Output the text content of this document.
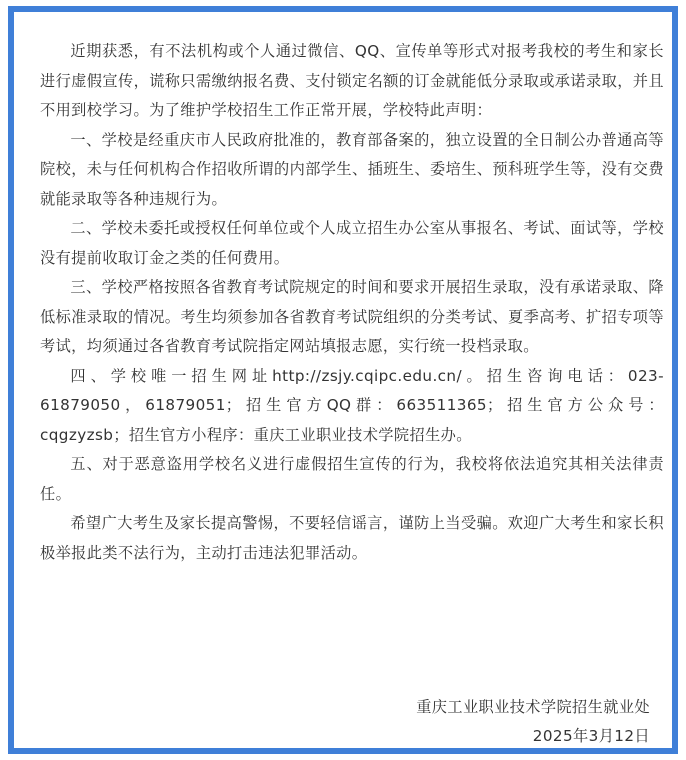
近期获悉，有不法机构或个人通过微信、QQ、宣传单等形式对报考我校的考生和家长进行虚假宣传，谎称只需缴纳报名费、支付锁定名额的订金就能低分录取或承诺录取，并且不用到校学习。为了维护学校招生工作正常开展，学校特此声明：

一、学校是经重庆市人民政府批准的，教育部备案的，独立设置的全日制公办普通高等院校，未与任何机构合作招收所谓的内部学生、插班生、委培生、预科班学生等，没有交费就能录取等各种违规行为。

二、学校未委托或授权任何单位或个人成立招生办公室从事报名、考试、面试等，学校没有提前收取订金之类的任何费用。

三、学校严格按照各省教育考试院规定的时间和要求开展招生录取，没有承诺录取、降低标准录取的情况。考生均须参加各省教育考试院组织的分类考试、夏季高考、扩招专项等考试，均须通过各省教育考试院指定网站填报志愿，实行统一投档录取。

四、学校唯一招生网址http://zsjy.cqipc.edu.cn/。招生咨询电话：023-61879050，61879051；招生官方QQ群：663511365；招生官方公众号：cqgzyzsb；招生官方小程序：重庆工业职业技术学院招生办。

五、对于恶意盗用学校名义进行虚假招生宣传的行为，我校将依法追究其相关法律责任。

希望广大考生及家长提高警惕，不要轻信谣言，谨防上当受骗。欢迎广大考生和家长积极举报此类不法行为，主动打击违法犯罪活动。

重庆工业职业技术学院招生就业处
2025年3月12日
